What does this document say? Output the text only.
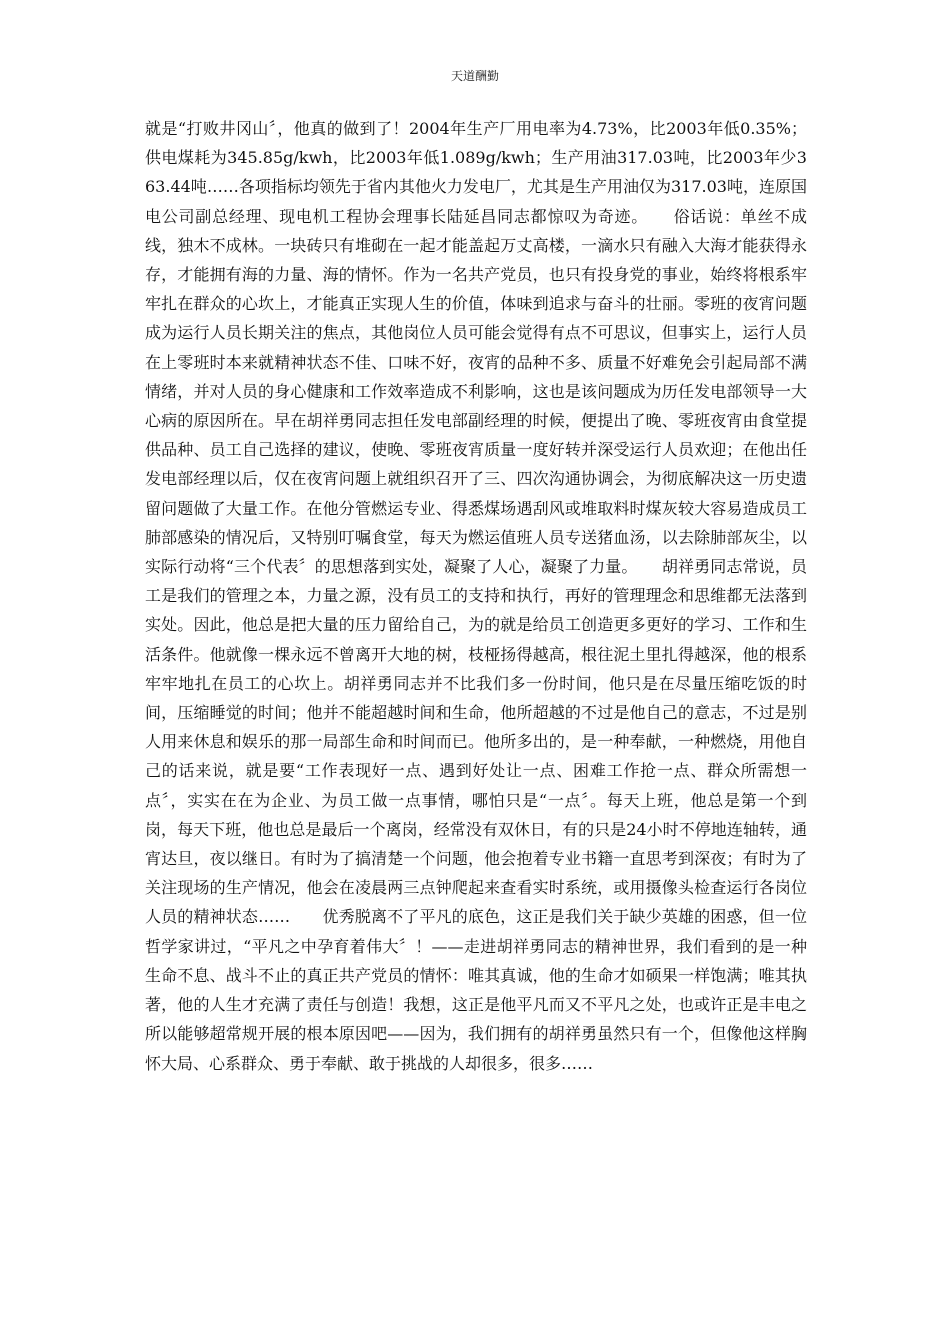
天道酬勤
就是“打败井冈山〞，他真的做到了！2004年生产厂用电率为4.73%，比2003年低0.35%；供电煤耗为345.85g/kwh，比2003年低1.089g/kwh；生产用油317.03吨，比2003年少363.44吨……各项指标均领先于省内其他火力发电厂，尤其是生产用油仅为317.03吨，连原国电公司副总经理、现电机工程协会理事长陆延昌同志都惊叹为奇迹。　　俗话说：单丝不成线，独木不成林。一块砖只有堆砌在一起才能盖起万丈高楼，一滴水只有融入大海才能获得永存，才能拥有海的力量、海的情怀。作为一名共产党员，也只有投身党的事业，始终将根系牢牢扎在群众的心坎上，才能真正实现人生的价值，体味到追求与奋斗的壮丽。零班的夜宵问题成为运行人员长期关注的焦点，其他岗位人员可能会觉得有点不可思议，但事实上，运行人员在上零班时本来就精神状态不佳、口味不好，夜宵的品种不多、质量不好难免会引起局部不满情绪，并对人员的身心健康和工作效率造成不利影响，这也是该问题成为历任发电部领导一大心病的原因所在。早在胡祥勇同志担任发电部副经理的时候，便提出了晚、零班夜宵由食堂提供品种、员工自己选择的建议，使晚、零班夜宵质量一度好转并深受运行人员欢迎；在他出任发电部经理以后，仅在夜宵问题上就组织召开了三、四次沟通协调会，为彻底解决这一历史遗留问题做了大量工作。在他分管燃运专业、得悉煤场遇刮风或堆取料时煤灰较大容易造成员工肺部感染的情况后，又特别叮嘱食堂，每天为燃运值班人员专送猪血汤，以去除肺部灰尘，以实际行动将“三个代表〞的思想落到实处，凝聚了人心，凝聚了力量。　　胡祥勇同志常说，员工是我们的管理之本，力量之源，没有员工的支持和执行，再好的管理理念和思维都无法落到实处。因此，他总是把大量的压力留给自己，为的就是给员工创造更多更好的学习、工作和生活条件。他就像一棵永远不曾离开大地的树，枝桠扬得越高，根往泥土里扎得越深，他的根系牢牢地扎在员工的心坎上。胡祥勇同志并不比我们多一份时间，他只是在尽量压缩吃饭的时间，压缩睡觉的时间；他并不能超越时间和生命，他所超越的不过是他自己的意志，不过是别人用来休息和娱乐的那一局部生命和时间而已。他所多出的，是一种奉献，一种燃烧，用他自己的话来说，就是要“工作表现好一点、遇到好处让一点、困难工作抢一点、群众所需想一点〞，实实在在为企业、为员工做一点事情，哪怕只是“一点〞。每天上班，他总是第一个到岗，每天下班，他也总是最后一个离岗，经常没有双休日，有的只是24小时不停地连轴转，通宵达旦，夜以继日。有时为了搞清楚一个问题，他会抱着专业书籍一直思考到深夜；有时为了关注现场的生产情况，他会在凌晨两三点钟爬起来查看实时系统，或用摄像头检查运行各岗位人员的精神状态……　　优秀脱离不了平凡的底色，这正是我们关于缺少英雄的困惑，但一位哲学家讲过，“平凡之中孕育着伟大〞！——走进胡祥勇同志的精神世界，我们看到的是一种生命不息、战斗不止的真正共产党员的情怀：唯其真诚，他的生命才如硕果一样饱满；唯其执著，他的人生才充满了责任与创造！我想，这正是他平凡而又不平凡之处，也或许正是丰电之所以能够超常规开展的根本原因吧——因为，我们拥有的胡祥勇虽然只有一个，但像他这样胸怀大局、心系群众、勇于奉献、敢于挑战的人却很多，很多……
